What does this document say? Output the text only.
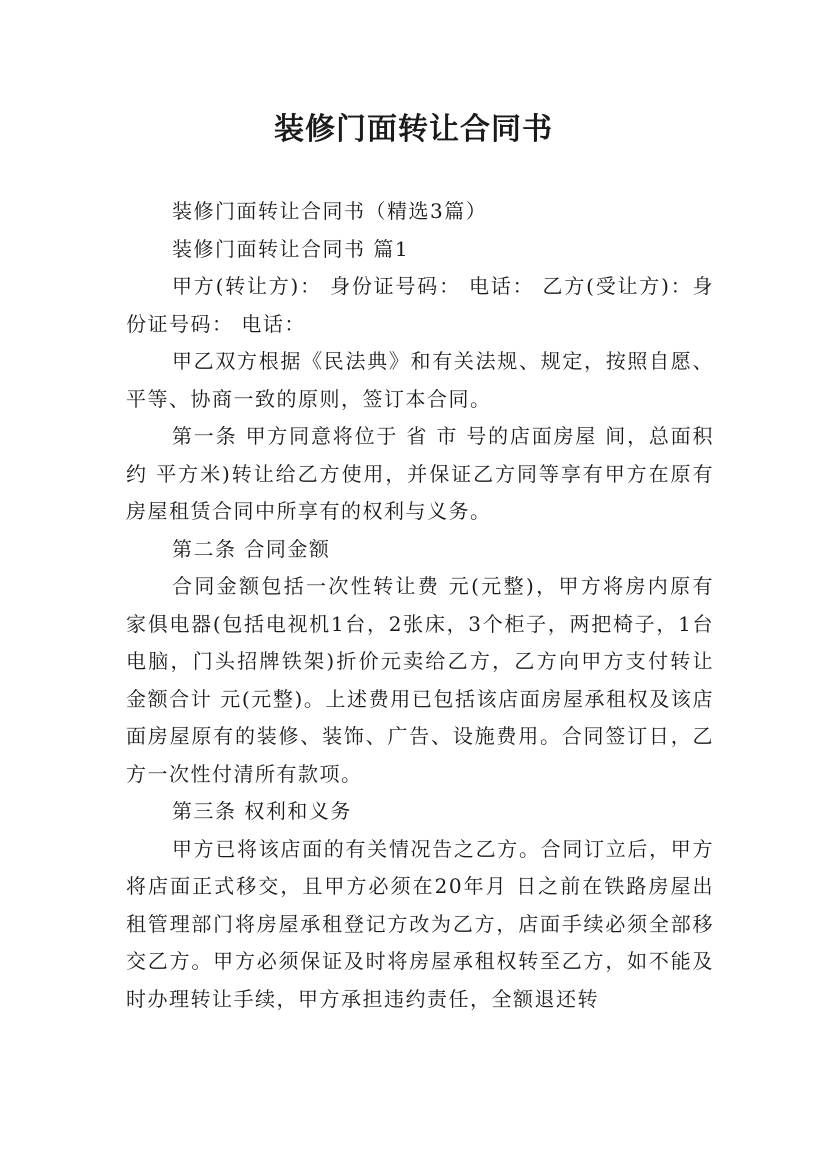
装修门面转让合同书

装修门面转让合同书（精选3篇）

装修门面转让合同书 篇1

甲方(转让方)： 身份证号码： 电话： 乙方(受让方)：身份证号码： 电话：

甲乙双方根据《民法典》和有关法规、规定，按照自愿、平等、协商一致的原则，签订本合同。

第一条 甲方同意将位于 省 市 号的店面房屋 间，总面积约 平方米)转让给乙方使用，并保证乙方同等享有甲方在原有房屋租赁合同中所享有的权利与义务。

第二条 合同金额

合同金额包括一次性转让费 元(元整)，甲方将房内原有家俱电器(包括电视机1台，2张床，3个柜子，两把椅子，1台电脑，门头招牌铁架)折价元卖给乙方，乙方向甲方支付转让金额合计 元(元整)。上述费用已包括该店面房屋承租权及该店面房屋原有的装修、装饰、广告、设施费用。合同签订日，乙方一次性付清所有款项。

第三条 权利和义务

甲方已将该店面的有关情况告之乙方。合同订立后，甲方将店面正式移交，且甲方必须在20年月 日之前在铁路房屋出租管理部门将房屋承租登记方改为乙方，店面手续必须全部移交乙方。甲方必须保证及时将房屋承租权转至乙方，如不能及时办理转让手续，甲方承担违约责任，全额退还转
